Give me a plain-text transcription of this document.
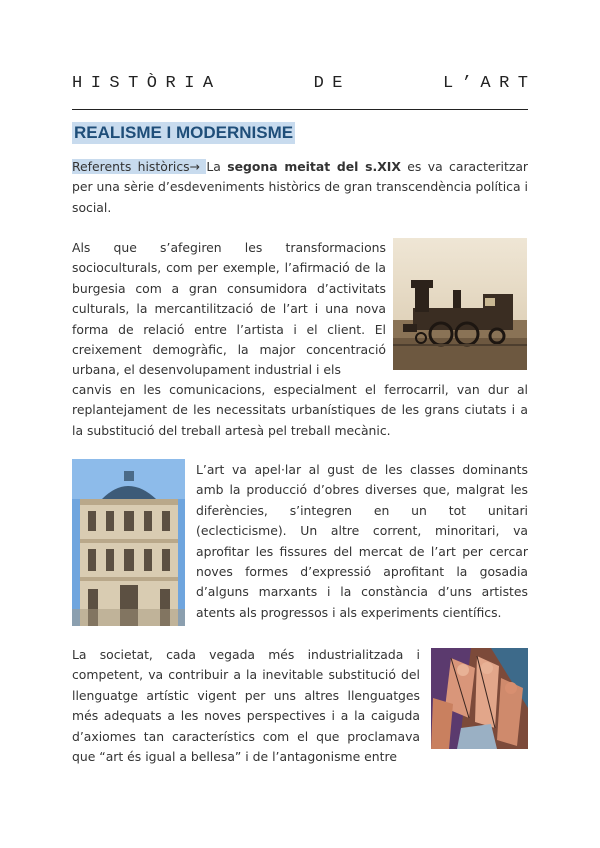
H I S T Ò R I A	D E	L ’ A R T
REALISME I MODERNISME

Referents històrics→ La segona meitat del s.XIX es va caracteritzar per una sèrie d’esdeveniments històrics de gran transcendència política i social.

Als que s’afegiren les transformacions socioculturals, com per exemple, l’afirmació de la burgesia com a gran consumidora d’activitats culturals, la mercantilització de l’art i una nova forma de relació entre l’artista i el client. El creixement demogràfic, la major concentració urbana, el desenvolupament industrial i els

canvis en les comunicacions, especialment el ferrocarril, van dur al replantejament de les necessitats urbanístiques de les grans ciutats i a la substitució del treball artesà pel treball mecànic.

L’art va apel·lar al gust de les classes dominants amb la producció d’obres diverses que, malgrat les diferències, s’integren en un tot unitari (eclecticisme). Un altre corrent, minoritari, va aprofitar les fissures del mercat de l’art per cercar noves formes d’expressió aprofitant la gosadia d’alguns marxants i la constància d’uns artistes atents als progressos i als experiments científics.

La societat, cada vegada més industrialitzada i competent, va contribuir a la inevitable substitució del llenguatge artístic vigent per uns altres llenguatges més adequats a les noves perspectives i a la caiguda d’axiomes tan característics com el que proclamava que “art és igual a bellesa” i de l’antagonisme entre
